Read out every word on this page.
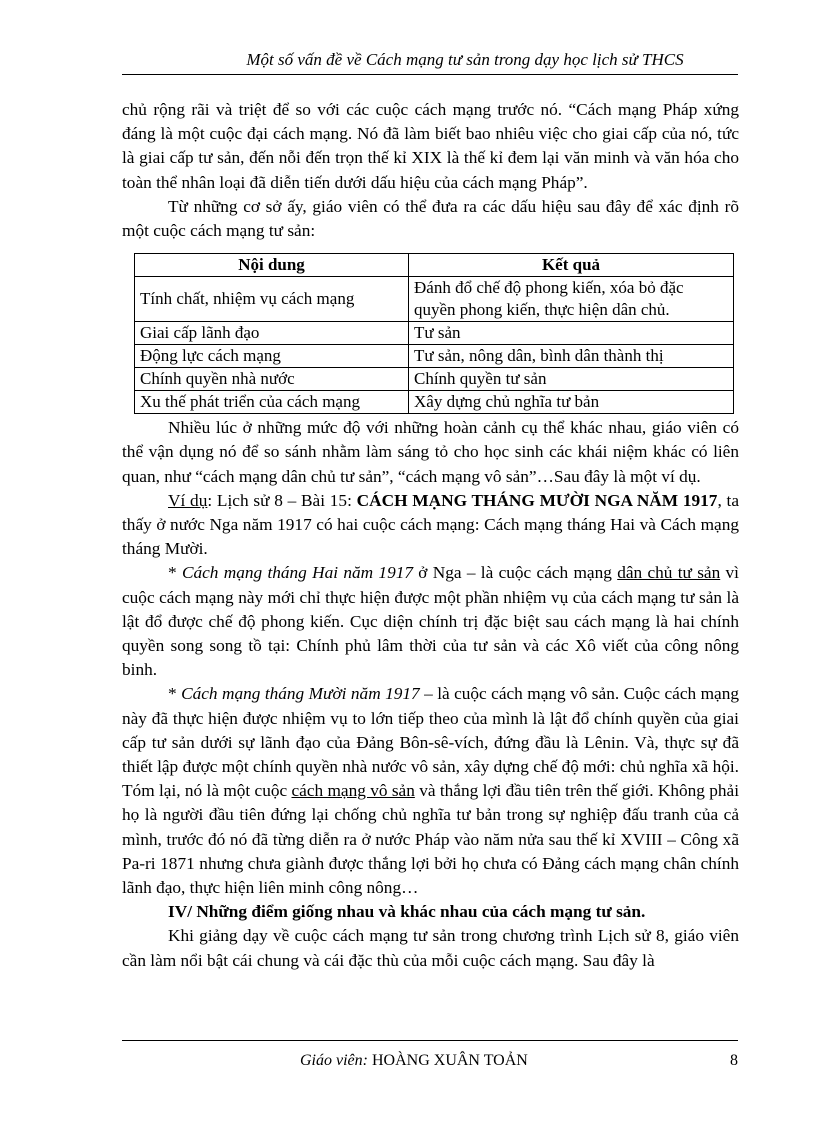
Một số vấn đề về Cách mạng tư sản trong dạy học lịch sử THCS

chủ rộng rãi và triệt để so với các cuộc cách mạng trước nó. “Cách mạng Pháp xứng đáng là một cuộc đại cách mạng. Nó đã làm biết bao nhiêu việc cho giai cấp của nó, tức là giai cấp tư sản, đến nỗi đến trọn thế kỉ XIX là thế kỉ đem lại văn minh và văn hóa cho toàn thể nhân loại đã diễn tiến dưới dấu hiệu của cách mạng Pháp”.

Từ những cơ sở ấy, giáo viên có thể đưa ra các dấu hiệu sau đây để xác định rõ một cuộc cách mạng tư sản:

Nội dung	Kết quả
Tính chất, nhiệm vụ cách mạng	Đánh đổ chế độ phong kiến, xóa bỏ đặc quyền phong kiến, thực hiện dân chủ.
Giai cấp lãnh đạo	Tư sản
Động lực cách mạng	Tư sản, nông dân, bình dân thành thị
Chính quyền nhà nước	Chính quyền tư sản
Xu thế phát triển của cách mạng	Xây dựng chủ nghĩa tư bản

Nhiều lúc ở những mức độ với những hoàn cảnh cụ thể khác nhau, giáo viên có thể vận dụng nó để so sánh nhằm làm sáng tỏ cho học sinh các khái niệm khác có liên quan, như “cách mạng dân chủ tư sản”, “cách mạng vô sản”…Sau đây là một ví dụ.

Ví dụ: Lịch sử 8 – Bài 15: CÁCH MẠNG THÁNG MƯỜI NGA NĂM 1917, ta thấy ở nước Nga năm 1917 có hai cuộc cách mạng: Cách mạng tháng Hai và Cách mạng tháng Mười.

* Cách mạng tháng Hai năm 1917 ở Nga – là cuộc cách mạng dân chủ tư sản vì cuộc cách mạng này mới chỉ thực hiện được một phần nhiệm vụ của cách mạng tư sản là lật đổ được chế độ phong kiến. Cục diện chính trị đặc biệt sau cách mạng là hai chính quyền song song tồ tại: Chính phủ lâm thời của tư sản và các Xô viết của công nông binh.

* Cách mạng tháng Mười năm 1917 – là cuộc cách mạng vô sản. Cuộc cách mạng này đã thực hiện được nhiệm vụ to lớn tiếp theo của mình là lật đổ chính quyền của giai cấp tư sản dưới sự lãnh đạo của Đảng Bôn-sê-vích, đứng đầu là Lênin. Và, thực sự đã thiết lập được một chính quyền nhà nước vô sản, xây dựng chế độ mới: chủ nghĩa xã hội. Tóm lại, nó là một cuộc cách mạng vô sản và thắng lợi đầu tiên trên thế giới. Không phải họ là người đầu tiên đứng lại chống chủ nghĩa tư bản trong sự nghiệp đấu tranh của cả mình, trước đó nó đã từng diễn ra ở nước Pháp vào năm nửa sau thế kỉ XVIII – Công xã Pa-ri 1871 nhưng chưa giành được thắng lợi bởi họ chưa có Đảng cách mạng chân chính lãnh đạo, thực hiện liên minh công nông…

IV/ Những điểm giống nhau và khác nhau của cách mạng tư sản.

Khi giảng dạy về cuộc cách mạng tư sản trong chương trình Lịch sử 8, giáo viên cần làm nổi bật cái chung và cái đặc thù của mỗi cuộc cách mạng. Sau đây là

Giáo viên: HOÀNG XUÂN TOẢN	8
